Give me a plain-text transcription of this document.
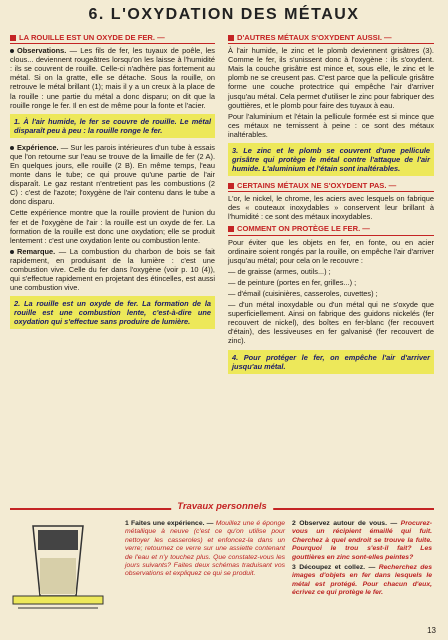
6. L'OXYDATION DES MÉTAUX
LA ROUILLE EST UN OXYDE DE FER. —

Observations. — Les fils de fer, les tuyaux de poêle, les clous... deviennent rougeâtres lorsqu'on les laisse à l'humidité : ils se couvrent de rouille. Celle-ci n'adhère pas fortement au métal. Si on la gratte, elle se détache. Sous la rouille, on retrouve le métal brillant (1); mais il y a un creux à la place de la rouille : une partie du métal a donc disparu; on dit que la rouille ronge le fer. Il en est de même pour la fonte et l'acier.

1. À l'air humide, le fer se couvre de rouille. Le métal disparaît peu à peu : la rouille ronge le fer.

Expérience. — Sur les parois intérieures d'un tube à essais que l'on retourne sur l'eau se trouve de la limaille de fer (2 A). En quelques jours, elle rouille (2 B). En même temps, l'eau monte dans le tube; ce qui prouve qu'une partie de l'air disparaît. Le gaz restant n'entretient pas les combustions (2 C) : c'est de l'azote; l'oxygène de l'air contenu dans le tube a donc disparu.

Cette expérience montre que la rouille provient de l'union du fer et de l'oxygène de l'air : la rouille est un oxyde de fer. La formation de la rouille est donc une oxydation; elle se produit lentement : c'est une oxydation lente ou combustion lente.

Remarque. — La combustion du charbon de bois se fait rapidement, en produisant de la lumière : c'est une combustion vive. Celle du fer dans l'oxygène (voir p. 10 (4)), qui s'effectue rapidement en projetant des étincelles, est aussi une combustion vive.

2. La rouille est un oxyde de fer. La formation de la rouille est une combustion lente, c'est-à-dire une oxydation qui s'effectue sans produire de lumière.
D'AUTRES MÉTAUX S'OXYDENT AUSSI. —

À l'air humide, le zinc et le plomb deviennent grisâtres (3). Comme le fer, ils s'unissent donc à l'oxygène : ils s'oxydent. Mais la couche grisâtre est mince et, sous elle, le zinc et le plomb ne se creusent pas. C'est parce que la pellicule grisâtre forme une couche protectrice qui empêche l'air d'arriver jusqu'au métal. Cela permet d'utiliser le zinc pour fabriquer des gouttières, et le plomb pour faire des tuyaux à eau.

Pour l'aluminium et l'étain la pellicule formée est si mince que ces métaux ne ternissent à peine : ce sont des métaux inaltérables.

3. Le zinc et le plomb se couvrent d'une pellicule grisâtre qui protège le métal contre l'attaque de l'air humide. L'aluminium et l'étain sont inaltérables.
CERTAINS MÉTAUX NE S'OXYDENT PAS. —

L'or, le nickel, le chrome, les aciers avec lesquels on fabrique des « couteaux inoxydables » conservent leur brillant à l'humidité : ce sont des métaux inoxydables.

COMMENT ON PROTÈGE LE FER. —

Pour éviter que les objets en fer, en fonte, ou en acier ordinaire soient rongés par la rouille, on empêche l'air d'arriver jusqu'au métal; pour cela on le recouvre :

— de graisse (armes, outils...) ;

— de peinture (portes en fer, grilles...) ;

— d'émail (cuisinières, casseroles, cuvettes) ;

— d'un métal inoxydable ou d'un métal qui ne s'oxyde que superficiellement. Ainsi on fabrique des guidons nickelés (fer recouvert de nickel), des boîtes en fer-blanc (fer recouvert d'étain), des lessiveuses en fer galvanisé (fer recouvert de zinc).

4. Pour protéger le fer, on empêche l'air d'arriver jusqu'au métal.
Travaux personnels
1 Faites une expérience. — Mouillez une é éponge métallique à neuve (c'est ce qu'on utilise pour nettoyer les casseroles) et enfoncez-la dans un verre; retournez ce verre sur une assiette contenant de l'eau et n'y touchez plus. Que constatez-vous les jours suivants? Faites deux schémas traduisant vos observations et expliquez ce qui se produit.

2 Observez autour de vous. — Procurez-vous un récipient émaillé qui fuit. Cherchez à quel endroit se trouve la fuite. Pourquoi le trou s'est-il fait? Les gouttières en zinc sont-elles peintes?

3 Découpez et collez. — Recherchez des images d'objets en fer dans lesquels le métal est protégé. Pour chacun d'eux, écrivez ce qui protège le fer.

13
